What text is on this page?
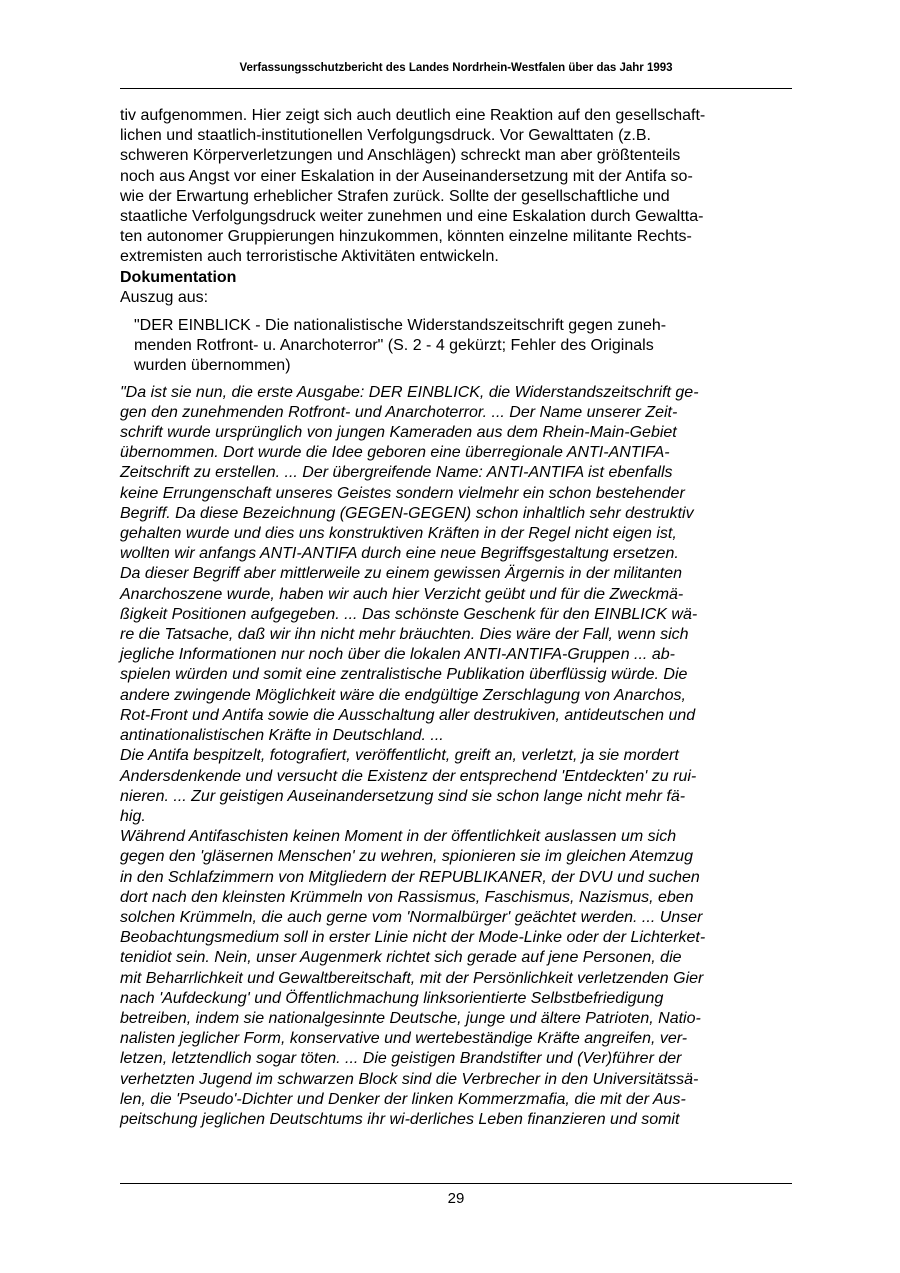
Verfassungsschutzbericht des Landes Nordrhein-Westfalen über das Jahr 1993
tiv aufgenommen. Hier zeigt sich auch deutlich eine Reaktion auf den gesellschaft-
lichen und staatlich-institutionellen Verfolgungsdruck. Vor Gewalttaten (z.B.
schweren Körperverletzungen und Anschlägen) schreckt man aber größtenteils
noch aus Angst vor einer Eskalation in der Auseinandersetzung mit der Antifa so-
wie der Erwartung erheblicher Strafen zurück. Sollte der gesellschaftliche und
staatliche Verfolgungsdruck weiter zunehmen und eine Eskalation durch Gewaltta-
ten autonomer Gruppierungen hinzukommen, könnten einzelne militante Rechts-
extremisten auch terroristische Aktivitäten entwickeln.
Dokumentation
Auszug aus:
"DER EINBLICK - Die nationalistische Widerstandszeitschrift gegen zuneh-
menden Rotfront- u. Anarchoterror" (S. 2 - 4 gekürzt; Fehler des Originals
wurden übernommen)
"Da ist sie nun, die erste Ausgabe: DER EINBLICK, die Widerstandszeitschrift ge-
gen den zunehmenden Rotfront- und Anarchoterror. ... Der Name unserer Zeit-
schrift wurde ursprünglich von jungen Kameraden aus dem Rhein-Main-Gebiet
übernommen. Dort wurde die Idee geboren eine überregionale ANTI-ANTIFA-
Zeitschrift zu erstellen. ... Der übergreifende Name: ANTI-ANTIFA ist ebenfalls
keine Errungenschaft unseres Geistes sondern vielmehr ein schon bestehender
Begriff. Da diese Bezeichnung (GEGEN-GEGEN) schon inhaltlich sehr destruktiv
gehalten wurde und dies uns konstruktiven Kräften in der Regel nicht eigen ist,
wollten wir anfangs ANTI-ANTIFA durch eine neue Begriffsgestaltung ersetzen.
Da dieser Begriff aber mittlerweile zu einem gewissen Ärgernis in der militanten
Anarchoszene wurde, haben wir auch hier Verzicht geübt und für die Zweckmä-
ßigkeit Positionen aufgegeben. ... Das schönste Geschenk für den EINBLICK wä-
re die Tatsache, daß wir ihn nicht mehr bräuchten. Dies wäre der Fall, wenn sich
jegliche Informationen nur noch über die lokalen ANTI-ANTIFA-Gruppen ... ab-
spielen würden und somit eine zentralistische Publikation überflüssig würde. Die
andere zwingende Möglichkeit wäre die endgültige Zerschlagung von Anarchos,
Rot-Front und Antifa sowie die Ausschaltung aller destrukiven, antideutschen und
antinationalistischen Kräfte in Deutschland. ...
Die Antifa bespitzelt, fotografiert, veröffentlicht, greift an, verletzt, ja sie mordert
Andersdenkende und versucht die Existenz der entsprechend 'Entdeckten' zu rui-
nieren. ... Zur geistigen Auseinandersetzung sind sie schon lange nicht mehr fä-
hig.
Während Antifaschisten keinen Moment in der öffentlichkeit auslassen um sich
gegen den 'gläsernen Menschen' zu wehren, spionieren sie im gleichen Atemzug
in den Schlafzimmern von Mitgliedern der REPUBLIKANER, der DVU und suchen
dort nach den kleinsten Krümmeln von Rassismus, Faschismus, Nazismus, eben
solchen Krümmeln, die auch gerne vom 'Normalbürger' geächtet werden. ... Unser
Beobachtungsmedium soll in erster Linie nicht der Mode-Linke oder der Lichterket-
tenidiot sein. Nein, unser Augenmerk richtet sich gerade auf jene Personen, die
mit Beharrlichkeit und Gewaltbereitschaft, mit der Persönlichkeit verletzenden Gier
nach 'Aufdeckung' und Öffentlichmachung linksorientierte Selbstbefriedigung
betreiben, indem sie nationalgesinnte Deutsche, junge und ältere Patrioten, Natio-
nalisten jeglicher Form, konservative und wertebeständige Kräfte angreifen, ver-
letzen, letztendlich sogar töten. ... Die geistigen Brandstifter und (Ver)führer der
verhetzten Jugend im schwarzen Block sind die Verbrecher in den Universitätssä-
len, die 'Pseudo'-Dichter und Denker der linken Kommerzmafia, die mit der Aus-
peitschung jeglichen Deutschtums ihr wi-derliches Leben finanzieren und somit
29
